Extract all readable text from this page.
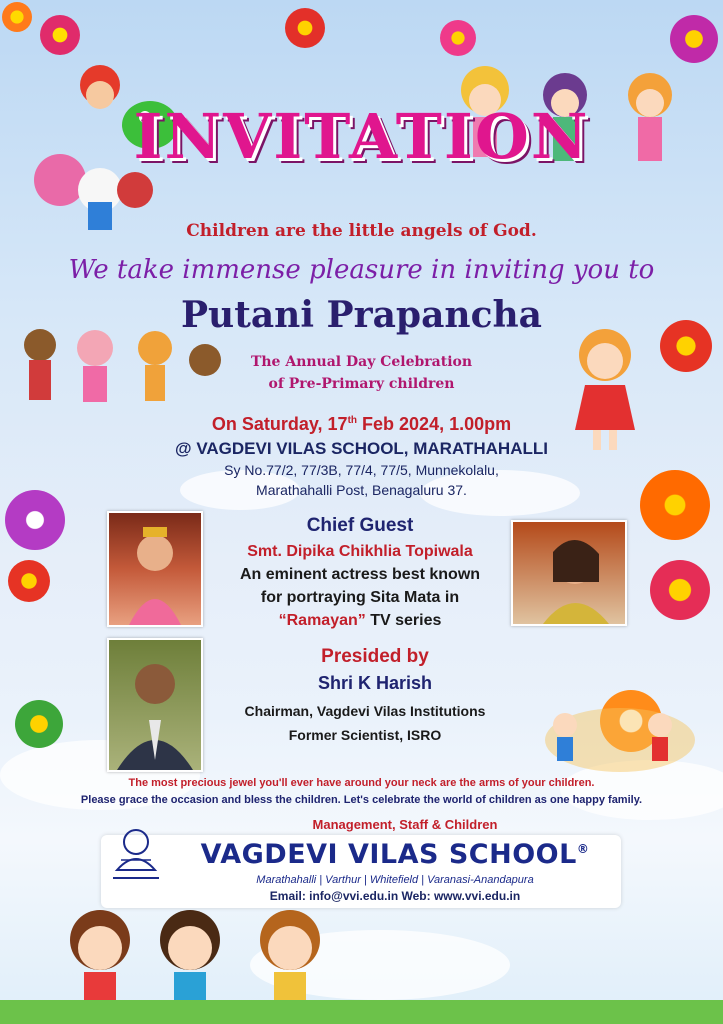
INVITATION
Children are the little angels of God.
We take immense pleasure in inviting you to
Putani Prapancha
The Annual Day Celebration
of Pre-Primary children
On Saturday, 17th Feb 2024, 1.00pm
@ VAGDEVI VILAS SCHOOL, MARATHAHALLI
Sy No.77/2, 77/3B, 77/4, 77/5, Munnekolalu,
Marathahalli Post, Benagaluru 37.
Chief Guest
Smt. Dipika Chikhlia Topiwala
An eminent actress best known
for portraying Sita Mata in
“Ramayan” TV series
Presided by
Shri K Harish
Chairman, Vagdevi Vilas Institutions
Former Scientist, ISRO
The most precious jewel you'll ever have around your neck are the arms of your children.
Please grace the occasion and bless the children. Let's celebrate the world of children as one happy family.
Management, Staff & Children
VAGDEVI VILAS SCHOOL®
Marathahalli | Varthur | Whitefield | Varanasi-Anandapura
Email: info@vvi.edu.in Web: www.vvi.edu.in
